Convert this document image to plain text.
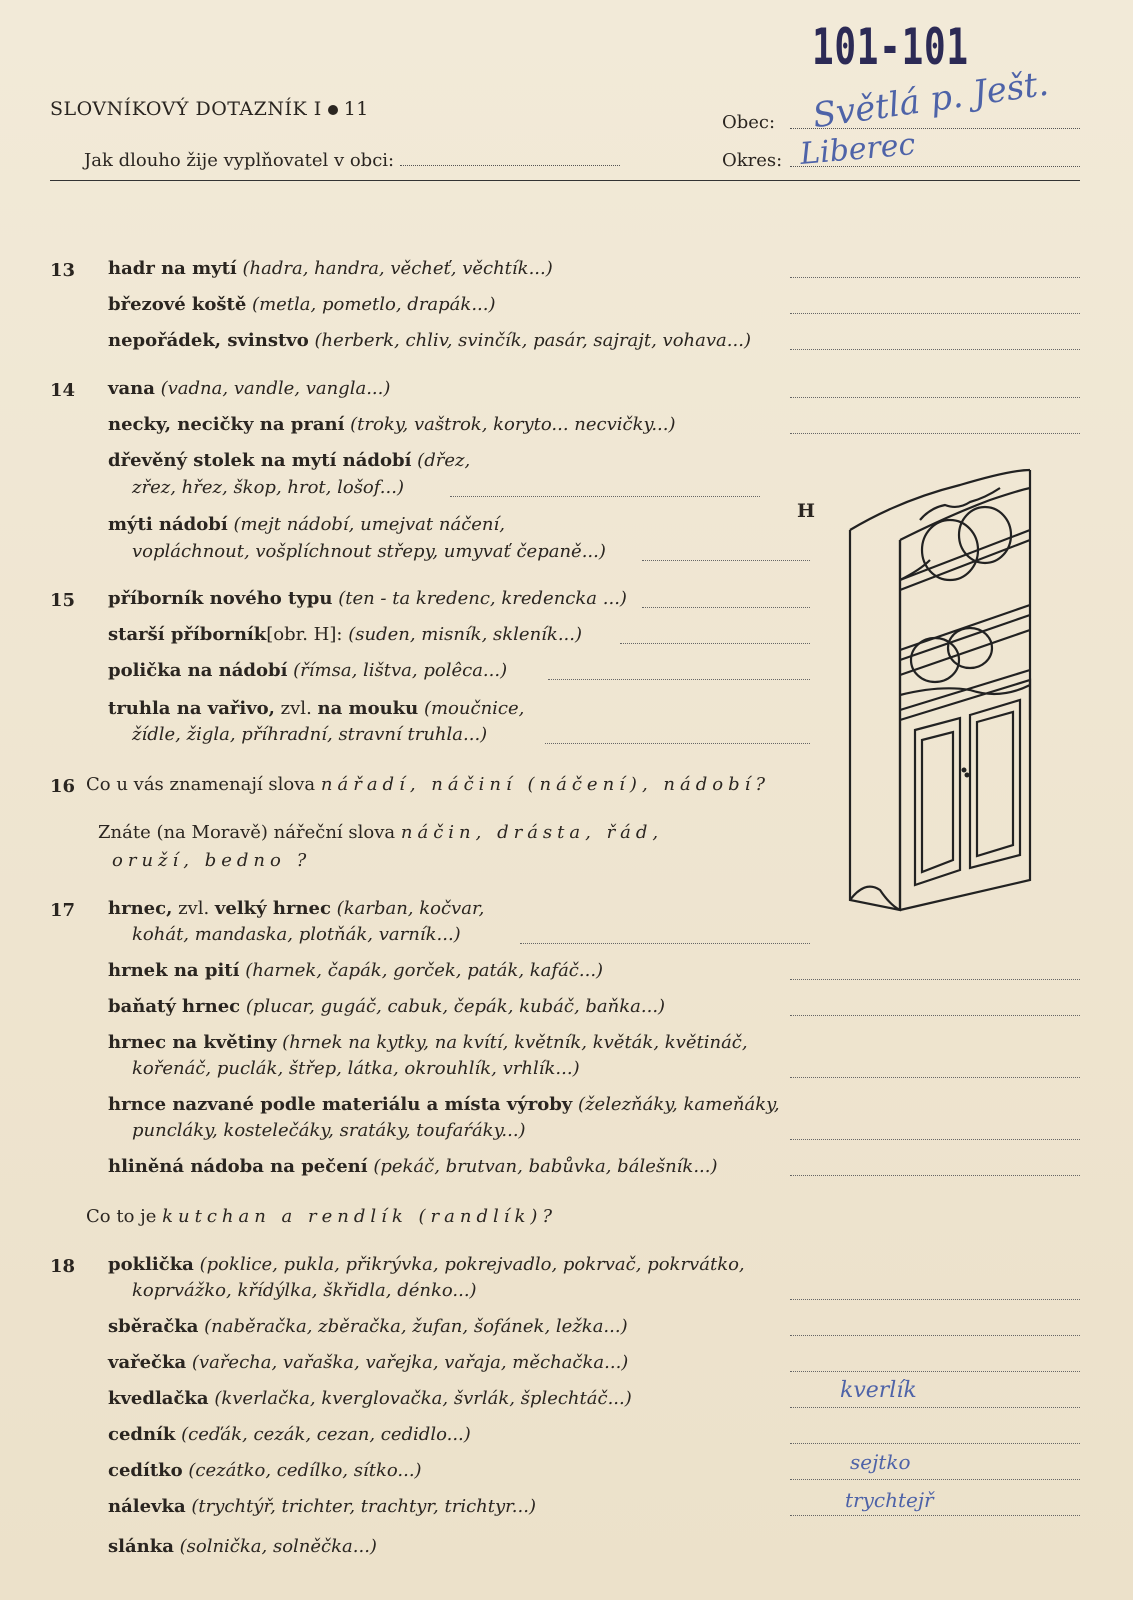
101-101
SLOVNÍKOVÝ DOTAZNÍK I 11
Jak dlouho žije vyplňovatel v obci:
Obec: Světlá p. Ješt.
Okres: Liberec
13 hadr na mytí (hadra, handra, věcheť, věchtík...)
březové koště (metla, pometlo, drapák...)
nepořádek, svinstvo (herberk, chliv, svinčík, pasár, sajrajt, vohava...)
14 vana (vadna, vandle, vangla...)
necky, necičky na praní (troky, vaštrok, koryto... necvičky...)
dřevěný stolek na mytí nádobí (dřez,
zřez, hřez, škop, hrot, lošof...)
mýti nádobí (mejt nádobí, umejvat náčení,
vopláchnout, vošplíchnout střepy, umyvať čepaně...)
15 příborník nového typu (ten - ta kredenc, kredencka ...)
starší příborník[obr. H]: (suden, misník, skleník...)
polička na nádobí (římsa, lištva, polêca...)
truhla na vařivo, zvl. na mouku (moučnice,
žídle, žigla, příhradní, stravní truhla...)
16 Co u vás znamenají slova nářadí, náčiní (náčení), nádobí?
Znáte (na Moravě) nářeční slova náčin, drásta, řád,
oruží, bedno ?
17 hrnec, zvl. velký hrnec (karban, kočvar,
kohát, mandaska, plotňák, varník...)
hrnek na pití (harnek, čapák, gorček, paták, kafáč...)
baňatý hrnec (plucar, gugáč, cabuk, čepák, kubáč, baňka...)
hrnec na květiny (hrnek na kytky, na kvítí, květník, květák, květináč,
kořenáč, puclák, štřep, látka, okrouhlík, vrhlík...)
hrnce nazvané podle materiálu a místa výroby (železňáky, kameňáky,
puncláky, kostelečáky, sratáky, toufaŕáky...)
hliněná nádoba na pečení (pekáč, brutvan, babůvka, bálešník...)
Co to je kutchan a rendlík (randlík)?
18 poklička (poklice, pukla, přikrývka, pokrejvadlo, pokrvač, pokrvátko,
koprvážko, křídýlka, škřidla, dénko...)
sběračka (naběračka, zběračka, žufan, šofánek, ležka...)
vařečka (vařecha, vařaška, vařejka, vařaja, měchačka...)
kvedlačka (kverlačka, kverglovačka, švrlák, šplechtáč...)	kverlík
cedník (ceďák, cezák, cezan, cedidlo...)
cedítko (cezátko, cedílko, sítko...)	sejtko
nálevka (trychtýř, trichter, trachtyr, trichtyr...)	trychtejř
slánka (solnička, solněčka...)
H
